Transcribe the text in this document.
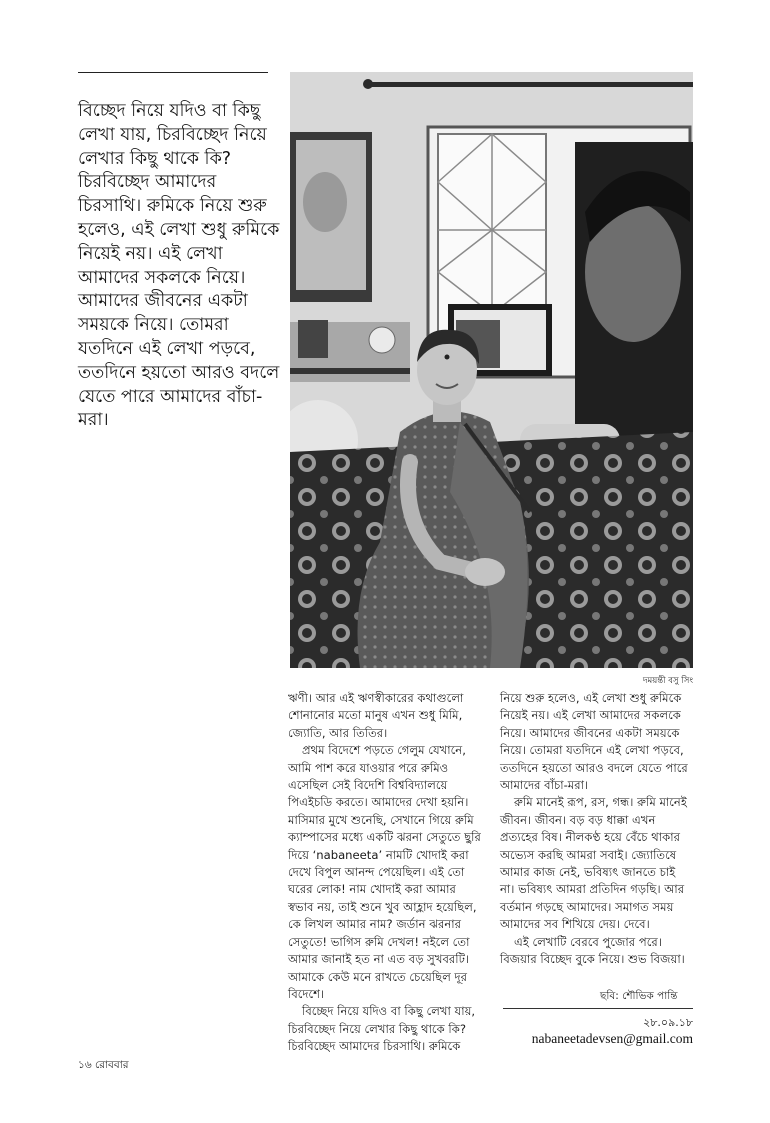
বিচ্ছেদ নিয়ে যদিও বা কিছু লেখা যায়, চিরবিচ্ছেদ নিয়ে লেখার কিছু থাকে কি? চিরবিচ্ছেদ আমাদের চিরসাথি। রুমিকে নিয়ে শুরু হলেও, এই লেখা শুধু রুমিকে নিয়েই নয়। এই লেখা আমাদের সকলকে নিয়ে। আমাদের জীবনের একটা সময়কে নিয়ে। তোমরা যতদিনে এই লেখা পড়বে, ততদিনে হয়তো আরও বদলে যেতে পারে আমাদের বাঁচা-মরা।

দময়ন্তী বসু সিং

ঋণী। আর এই ঋণস্বীকারের কথাগুলো শোনানোর মতো মানুষ এখন শুধু মিমি, জ্যোতি, আর তিতির।

প্রথম বিদেশে পড়তে গেলুম যেখানে, আমি পাশ করে যাওয়ার পরে রুমিও এসেছিল সেই বিদেশি বিশ্ববিদ্যালয়ে পিএইচডি করতে। আমাদের দেখা হয়নি। মাসিমার মুখে শুনেছি, সেখানে গিয়ে রুমি ক্যাম্পাসের মধ্যে একটি ঝরনা সেতুতে ছুরি দিয়ে ‘nabaneeta’ নামটি খোদাই করা দেখে বিপুল আনন্দ পেয়েছিল। এই তো ঘরের লোক! নাম খোদাই করা আমার স্বভাব নয়, তাই শুনে খুব আহ্লাদ হয়েছিল, কে লিখল আমার নাম? জর্ডান ঝরনার সেতুতে! ভাগিস রুমি দেখল! নইলে তো আমার জানাই হত না এত বড় সুখবরটি। আমাকে কেউ মনে রাখতে চেয়েছিল দূর বিদেশে।

বিচ্ছেদ নিয়ে যদিও বা কিছু লেখা যায়, চিরবিচ্ছেদ নিয়ে লেখার কিছু থাকে কি? চিরবিচ্ছেদ আমাদের চিরসাথি। রুমিকে

নিয়ে শুরু হলেও, এই লেখা শুধু রুমিকে নিয়েই নয়। এই লেখা আমাদের সকলকে নিয়ে। আমাদের জীবনের একটা সময়কে নিয়ে। তোমরা যতদিনে এই লেখা পড়বে, ততদিনে হয়তো আরও বদলে যেতে পারে আমাদের বাঁচা-মরা।

রুমি মানেই রূপ, রস, গন্ধ। রুমি মানেই জীবন। জীবন। বড় বড় ধাক্কা এখন প্রত্যহের বিষ। নীলকণ্ঠ হয়ে বেঁচে থাকার অভ্যেস করছি আমরা সবাই। জ্যোতিষে আমার কাজ নেই, ভবিষ্যৎ জানতে চাই না। ভবিষ্যৎ আমরা প্রতিদিন গড়ছি। আর বর্তমান গড়ছে আমাদের। সমাগত সময় আমাদের সব শিখিয়ে দেয়। দেবে।

এই লেখাটি বেরবে পুজোর পরে। বিজয়ার বিচ্ছেদ বুকে নিয়ে। শুভ বিজয়া।

ছবি: শৌভিক পান্তি
২৮.০৯.১৮
nabaneetadevsen@gmail.com
১৬ রোববার
